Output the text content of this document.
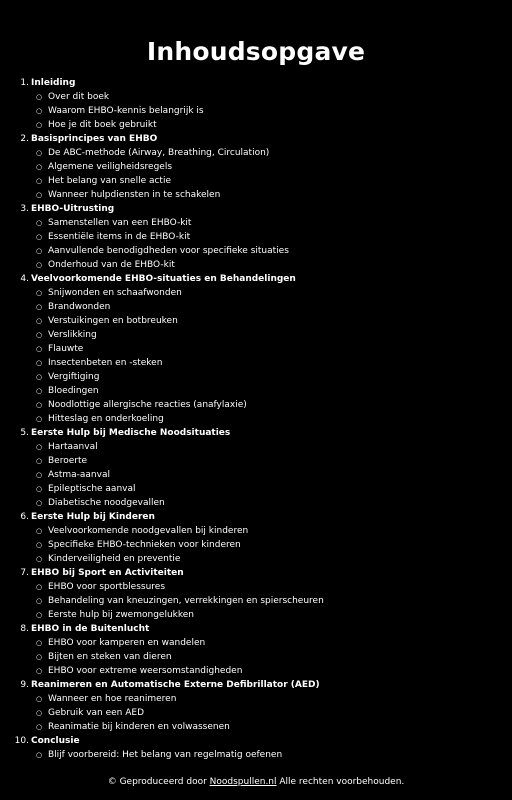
Inhoudsopgave
1. Inleiding
○ Over dit boek
○ Waarom EHBO-kennis belangrijk is
○ Hoe je dit boek gebruikt
2. Basisprincipes van EHBO
○ De ABC-methode (Airway, Breathing, Circulation)
○ Algemene veiligheidsregels
○ Het belang van snelle actie
○ Wanneer hulpdiensten in te schakelen
3. EHBO-Uitrusting
○ Samenstellen van een EHBO-kit
○ Essentiële items in de EHBO-kit
○ Aanvullende benodigdheden voor specifieke situaties
○ Onderhoud van de EHBO-kit
4. Veelvoorkomende EHBO-situaties en Behandelingen
○ Snijwonden en schaafwonden
○ Brandwonden
○ Verstuikingen en botbreuken
○ Verslikking
○ Flauwte
○ Insectenbeten en -steken
○ Vergiftiging
○ Bloedingen
○ Noodlottige allergische reacties (anafylaxie)
○ Hitteslag en onderkoeling
5. Eerste Hulp bij Medische Noodsituaties
○ Hartaanval
○ Beroerte
○ Astma-aanval
○ Epileptische aanval
○ Diabetische noodgevallen
6. Eerste Hulp bij Kinderen
○ Veelvoorkomende noodgevallen bij kinderen
○ Specifieke EHBO-technieken voor kinderen
○ Kinderveiligheid en preventie
7. EHBO bij Sport en Activiteiten
○ EHBO voor sportblessures
○ Behandeling van kneuzingen, verrekkingen en spierscheuren
○ Eerste hulp bij zwemongelukken
8. EHBO in de Buitenlucht
○ EHBO voor kamperen en wandelen
○ Bijten en steken van dieren
○ EHBO voor extreme weersomstandigheden
9. Reanimeren en Automatische Externe Defibrillator (AED)
○ Wanneer en hoe reanimeren
○ Gebruik van een AED
○ Reanimatie bij kinderen en volwassenen
10. Conclusie
○ Blijf voorbereid: Het belang van regelmatig oefenen
© Geproduceerd door Noodspullen.nl Alle rechten voorbehouden.
